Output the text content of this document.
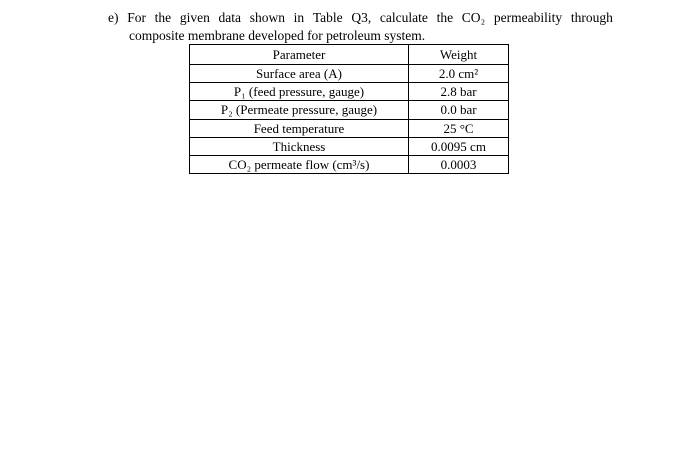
e) For the given data shown in Table Q3, calculate the CO₂ permeability through
composite membrane developed for petroleum system.
Parameter	Weight
Surface area (A)	2.0 cm²
P₁ (feed pressure, gauge)	2.8 bar
P₂ (Permeate pressure, gauge)	0.0 bar
Feed temperature	25 °C
Thickness	0.0095 cm
CO₂ permeate flow (cm³/s)	0.0003
